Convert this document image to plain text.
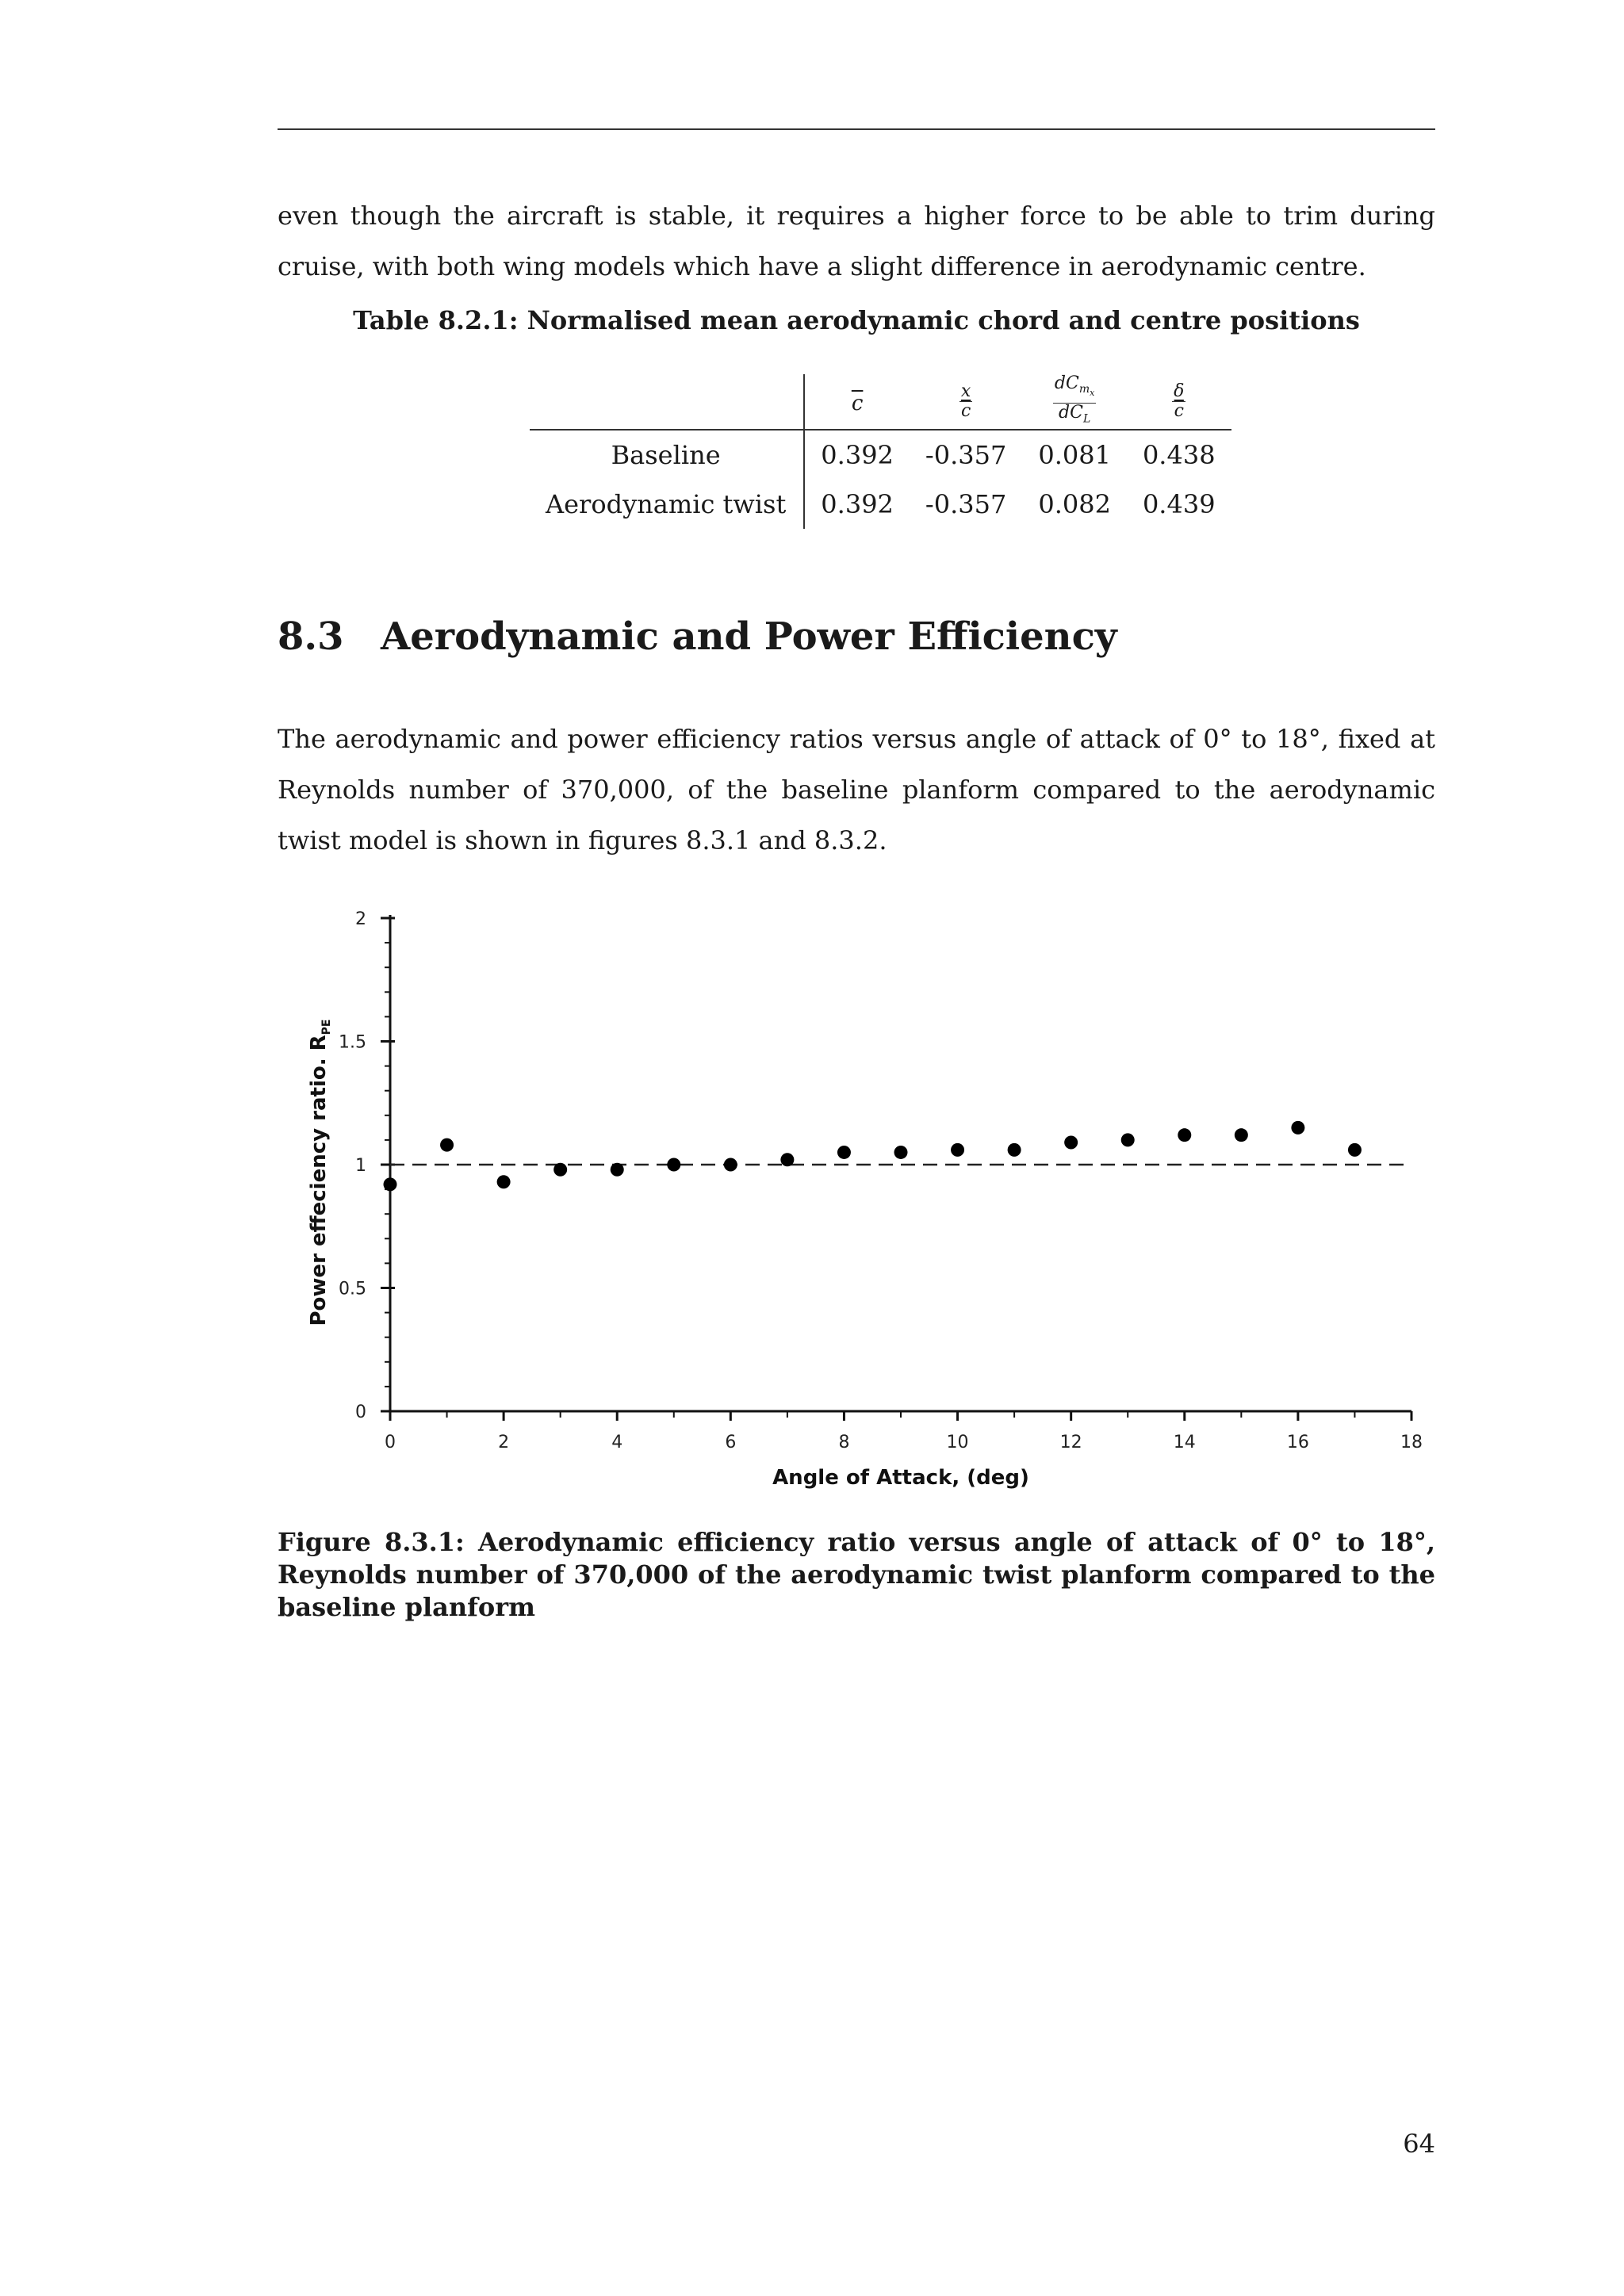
even though the aircraft is stable, it requires a higher force to be able to trim during cruise, with both wing models which have a slight difference in aerodynamic centre.

Table 8.2.1: Normalised mean aerodynamic chord and centre positions

	$\overline{c}$	$\frac{x}{c}$	$\frac{dC_{m_x}}{dC_L}$	$\frac{\delta}{c}$

Baseline	0.392	-0.357	0.081	0.438
Aerodynamic twist	0.392	-0.357	0.082	0.439
8.3 Aerodynamic and Power Efficiency

The aerodynamic and power efficiency ratios versus angle of attack of 0° to 18°, fixed at Reynolds number of 370,000, of the baseline planform compared to the aerodynamic twist model is shown in figures 8.3.1 and 8.3.2.

0
0.5
1
1.5
2
0	2	4	6	8	10	12	14	16	18
Angle of Attack, (deg)
Power effeciency ratio. $R_{PE}$

Figure 8.3.1: Aerodynamic efficiency ratio versus angle of attack of 0° to 18°, Reynolds number of 370,000 of the aerodynamic twist planform compared to the baseline planform

64
